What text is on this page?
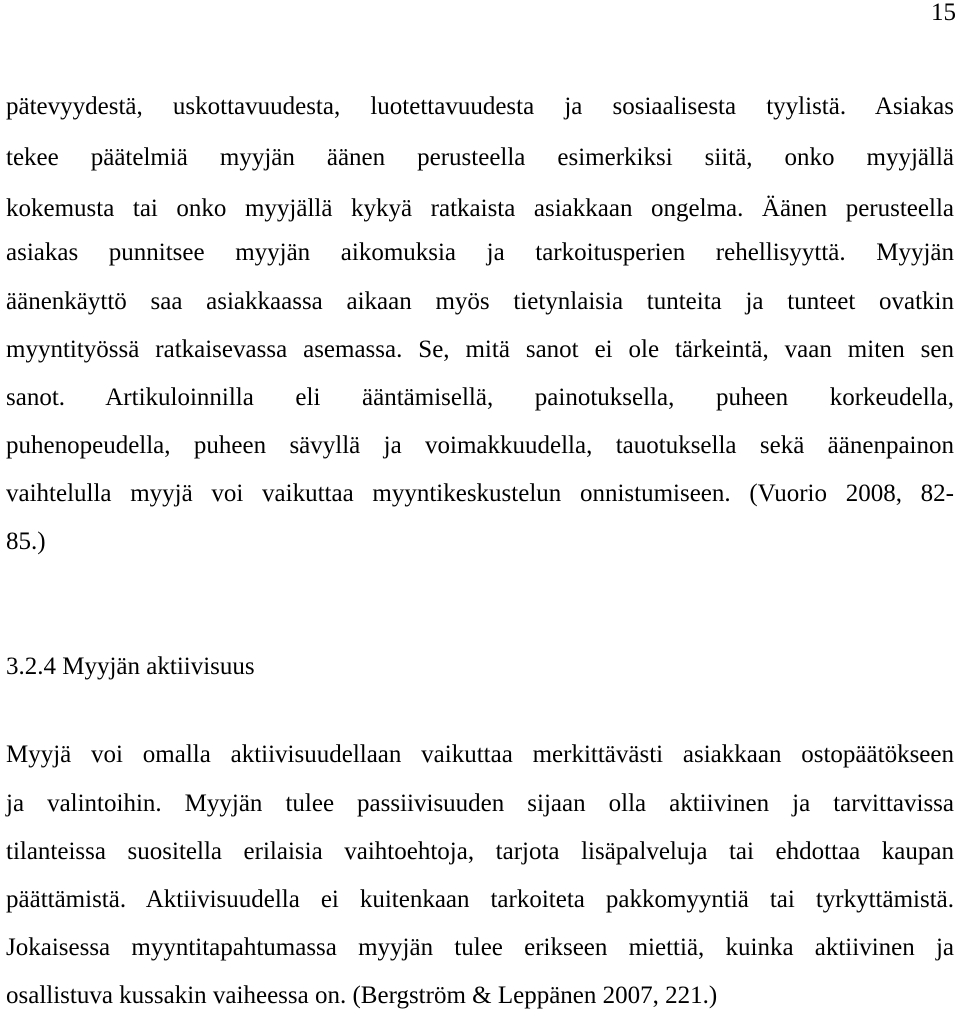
15
pätevyydestä, uskottavuudesta, luotettavuudesta ja sosiaalisesta tyylistä. Asiakas
tekee päätelmiä myyjän äänen perusteella esimerkiksi siitä, onko myyjällä
kokemusta tai onko myyjällä kykyä ratkaista asiakkaan ongelma. Äänen perusteella
asiakas punnitsee myyjän aikomuksia ja tarkoitusperien rehellisyyttä. Myyjän
äänenkäyttö saa asiakkaassa aikaan myös tietynlaisia tunteita ja tunteet ovatkin
myyntityössä ratkaisevassa asemassa. Se, mitä sanot ei ole tärkeintä, vaan miten sen
sanot. Artikuloinnilla eli ääntämisellä, painotuksella, puheen korkeudella,
puhenopeudella, puheen sävyllä ja voimakkuudella, tauotuksella sekä äänenpainon
vaihtelulla myyjä voi vaikuttaa myyntikeskustelun onnistumiseen. (Vuorio 2008, 82-
85.)
3.2.4 Myyjän aktiivisuus
Myyjä voi omalla aktiivisuudellaan vaikuttaa merkittävästi asiakkaan ostopäätökseen
ja valintoihin. Myyjän tulee passiivisuuden sijaan olla aktiivinen ja tarvittavissa
tilanteissa suositella erilaisia vaihtoehtoja, tarjota lisäpalveluja tai ehdottaa kaupan
päättämistä. Aktiivisuudella ei kuitenkaan tarkoiteta pakkomyyntiä tai tyrkyttämistä.
Jokaisessa myyntitapahtumassa myyjän tulee erikseen miettiä, kuinka aktiivinen ja
osallistuva kussakin vaiheessa on. (Bergström & Leppänen 2007, 221.)
